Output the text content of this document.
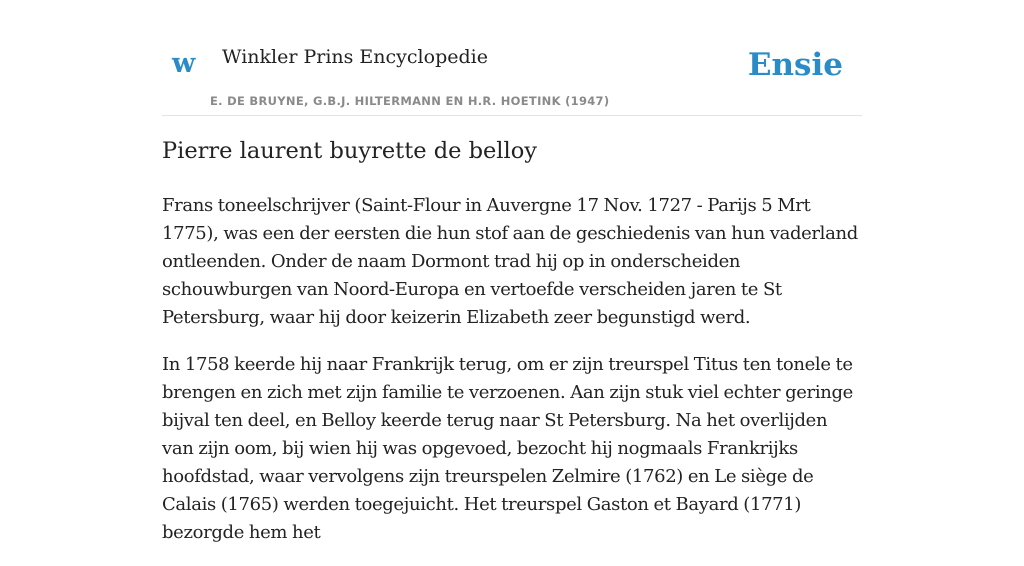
w Winkler Prins Encyclopedie
E. DE BRUYNE, G.B.J. HILTERMANN EN H.R. HOETINK (1947)
Ensie
Pierre laurent buyrette de belloy

Frans toneelschrijver (Saint-Flour in Auvergne 17 Nov. 1727 - Parijs 5 Mrt 1775), was een der eersten die hun stof aan de geschiedenis van hun vaderland ontleenden. Onder de naam Dormont trad hij op in onderscheiden schouwburgen van Noord-Europa en vertoefde verscheiden jaren te St Petersburg, waar hij door keizerin Elizabeth zeer begunstigd werd.

In 1758 keerde hij naar Frankrijk terug, om er zijn treurspel Titus ten tonele te brengen en zich met zijn familie te verzoenen. Aan zijn stuk viel echter geringe bijval ten deel, en Belloy keerde terug naar St Petersburg. Na het overlijden van zijn oom, bij wien hij was opgevoed, bezocht hij nogmaals Frankrijks hoofdstad, waar vervolgens zijn treurspelen Zelmire (1762) en Le siège de Calais (1765) werden toegejuicht. Het treurspel Gaston et Bayard (1771) bezorgde hem het
